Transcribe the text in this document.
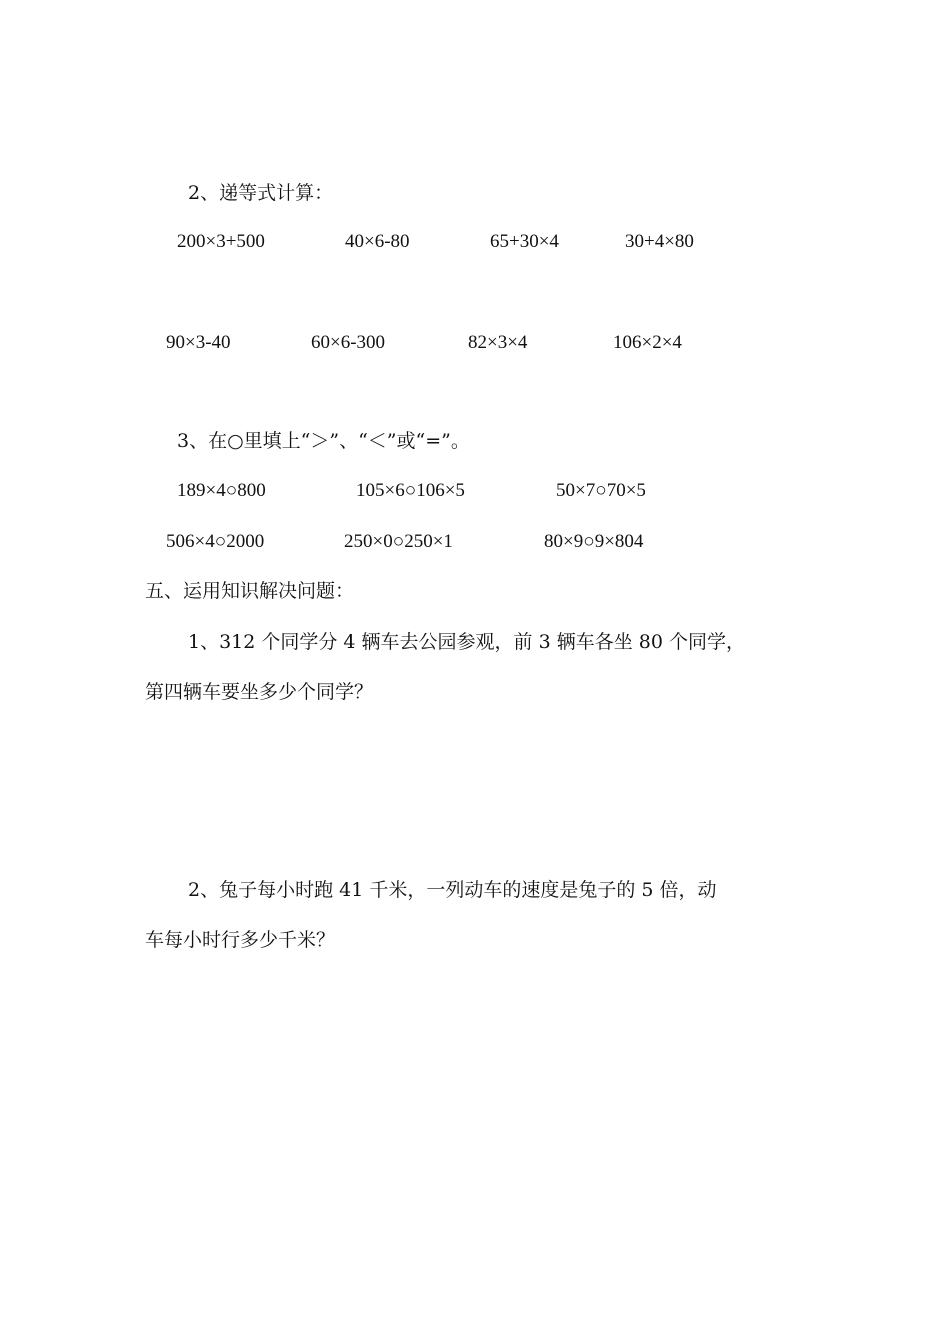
2、递等式计算：
200×3+500	40×6-80	65+30×4	30+4×80
90×3-40	60×6-300	82×3×4	106×2×4
3、在○里填上“＞”、“＜”或“=”。
189×4○800	105×6○106×5	50×7○70×5
506×4○2000	250×0○250×1	80×9○9×804
五、运用知识解决问题：
1、312 个同学分 4 辆车去公园参观，前 3 辆车各坐 80 个同学，
第四辆车要坐多少个同学？
2、兔子每小时跑 41 千米，一列动车的速度是兔子的 5 倍，动
车每小时行多少千米？
